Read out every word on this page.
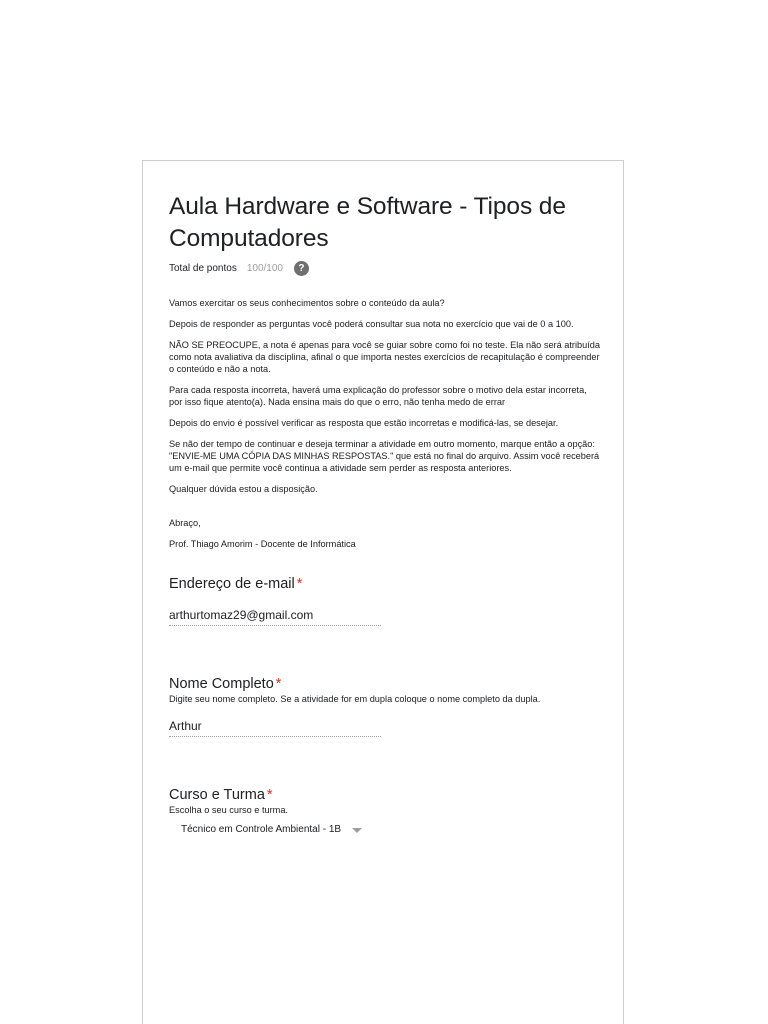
Aula Hardware e Software - Tipos de Computadores
Total de pontos 100/100	?

Vamos exercitar os seus conhecimentos sobre o conteúdo da aula?

Depois de responder as perguntas você poderá consultar sua nota no exercício que vai de 0 a 100.

NÃO SE PREOCUPE, a nota é apenas para você se guiar sobre como foi no teste. Ela não será atribuída como nota avaliativa da disciplina, afinal o que importa nestes exercícios de recapitulação é compreender o conteúdo e não a nota.

Para cada resposta incorreta, haverá uma explicação do professor sobre o motivo dela estar incorreta, por isso fique atento(a). Nada ensina mais do que o erro, não tenha medo de errar

Depois do envio é possível verificar as resposta que estão incorretas e modificá-las, se desejar.

Se não der tempo de continuar e deseja terminar a atividade em outro momento, marque então a opção: "ENVIE-ME UMA CÓPIA DAS MINHAS RESPOSTAS." que está no final do arquivo. Assim você receberá um e-mail que permite você continua a atividade sem perder as resposta anteriores.

Qualquer dúvida estou a disposição.

Abraço,

Prof. Thiago Amorim - Docente de Informática

Endereço de e-mail *
arthurtomaz29@gmail.com
Nome Completo *
Digite seu nome completo. Se a atividade for em dupla coloque o nome completo da dupla.
Arthur
Curso e Turma *
Escolha o seu curso e turma.
Técnico em Controle Ambiental - 1B
